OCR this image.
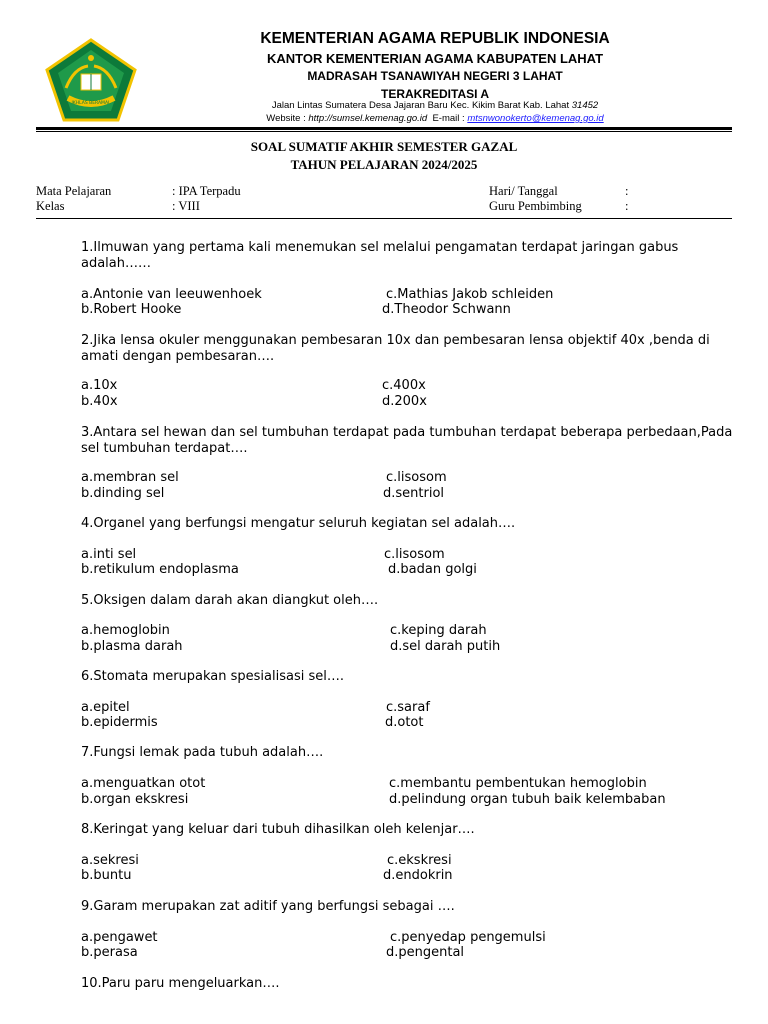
IKHLAS BERAMAL
KEMENTERIAN AGAMA REPUBLIK INDONESIA
KANTOR KEMENTERIAN AGAMA KABUPATEN LAHAT
MADRASAH TSANAWIYAH NEGERI 3 LAHAT
TERAKREDITASI A
Jalan Lintas Sumatera Desa Jajaran Baru Kec. Kikim Barat Kab. Lahat 31452
Website : http://sumsel.kemenag.go.id E-mail : mtsnwonokerto@kemenag.go.id
SOAL SUMATIF AKHIR SEMESTER GAZAL
TAHUN PELAJARAN 2024/2025
Mata Pelajaran	: IPA Terpadu
Kelas	: VIII
Hari/ Tanggal	:
Guru Pembimbing	:
1.Ilmuwan yang pertama kali menemukan sel melalui pengamatan terdapat jaringan gabus adalah……
a.Antonie van leeuwenhoek
b.Robert Hooke
c.Mathias Jakob schleiden
d.Theodor Schwann
2.Jika lensa okuler menggunakan pembesaran 10x dan pembesaran lensa objektif 40x ,benda di amati dengan pembesaran….
a.10x
b.40x
c.400x
d.200x
3.Antara sel hewan dan sel tumbuhan terdapat pada tumbuhan terdapat beberapa perbedaan,Pada sel tumbuhan terdapat….
a.membran sel
b.dinding sel
c.lisosom
d.sentriol
4.Organel yang berfungsi mengatur seluruh kegiatan sel adalah….
a.inti sel
b.retikulum endoplasma
c.lisosom
d.badan golgi
5.Oksigen dalam darah akan diangkut oleh….
a.hemoglobin
b.plasma darah
c.keping darah
d.sel darah putih
6.Stomata merupakan spesialisasi sel….
a.epitel
b.epidermis
c.saraf
d.otot
7.Fungsi lemak pada tubuh adalah….
a.menguatkan otot
b.organ ekskresi
c.membantu pembentukan hemoglobin
d.pelindung organ tubuh baik kelembaban
8.Keringat yang keluar dari tubuh dihasilkan oleh kelenjar….
a.sekresi
b.buntu
c.ekskresi
d.endokrin
9.Garam merupakan zat aditif yang berfungsi sebagai ….
a.pengawet
b.perasa
c.penyedap pengemulsi
d.pengental
10.Paru paru mengeluarkan….
